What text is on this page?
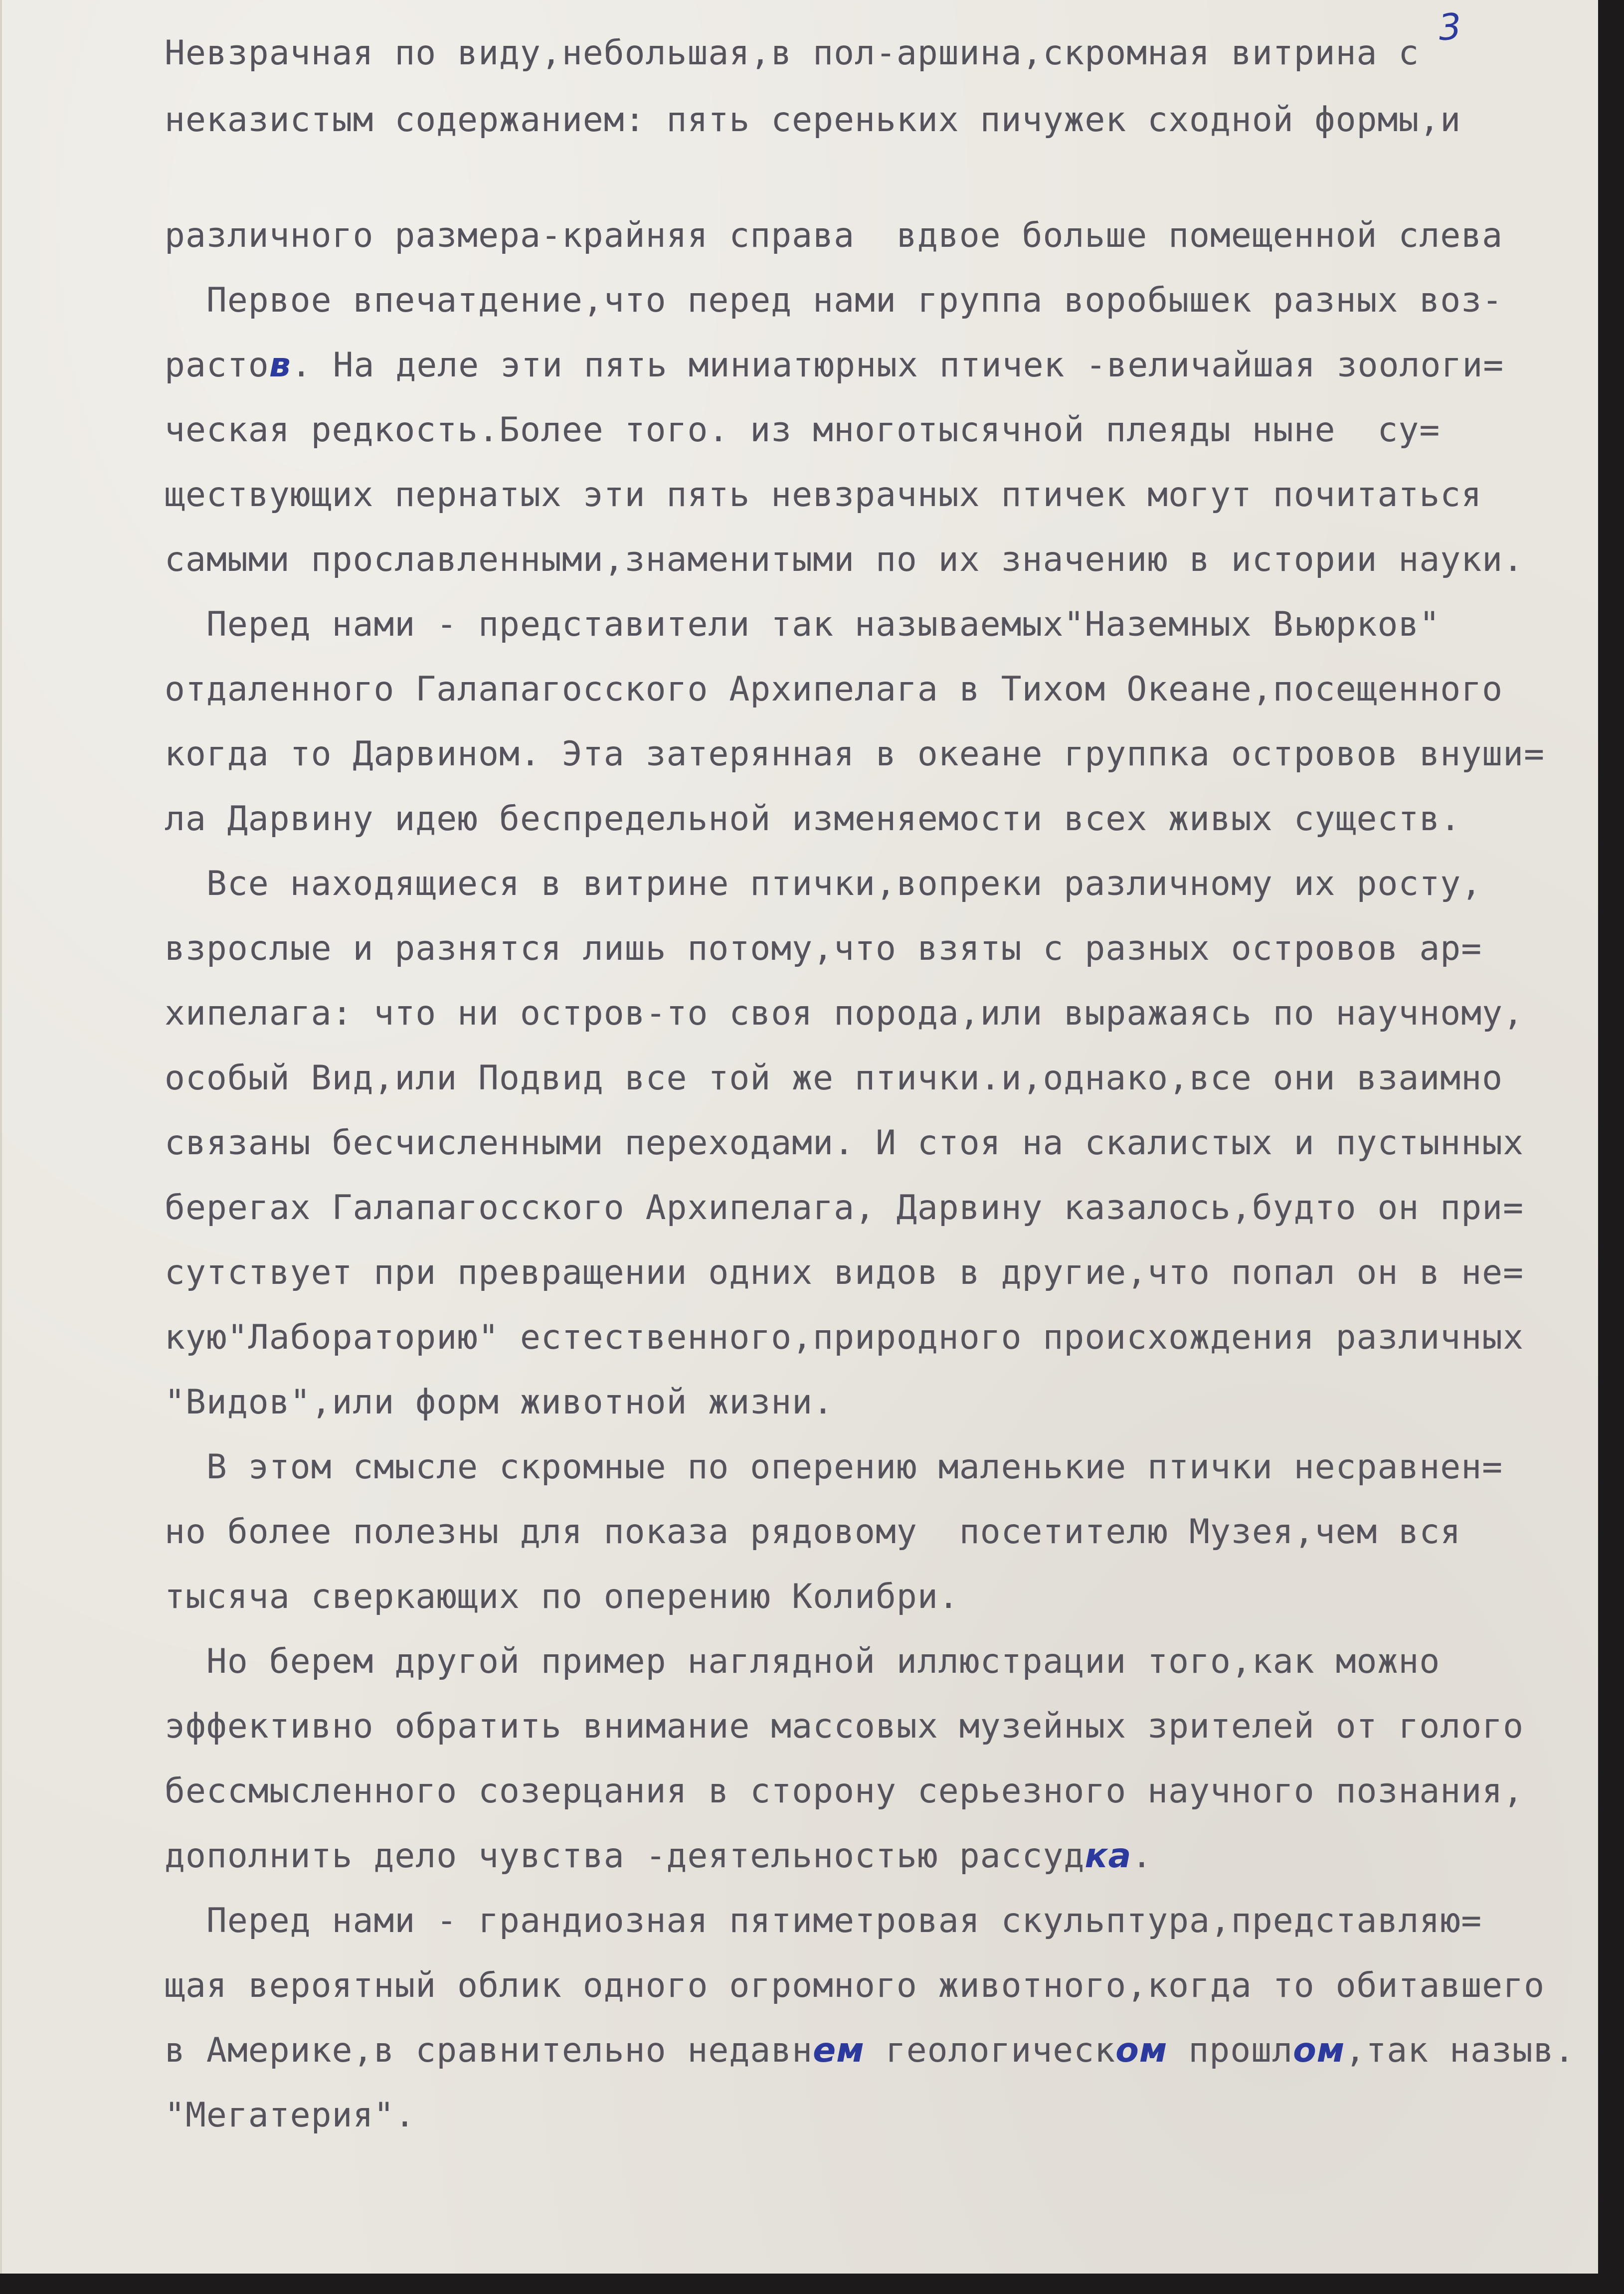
3
Невзрачная по виду,небольшая,в пол-аршина,скромная витрина с
неказистым содержанием: пять сереньких пичужек сходной формы,и
различного размера-крайняя справа  вдвое больше помещенной слева
Первое впечатдение,что перед нами группа воробышек разных воз-
растов. На деле эти пять миниатюрных птичек -величайшая зоологи=
ческая редкость.Более того. из многотысячной плеяды ныне  су=
ществующих пернатых эти пять невзрачных птичек могут почитаться
самыми прославленными,знаменитыми по их значению в истории науки.
Перед нами - представители так называемых"Наземных Вьюрков"
отдаленного Галапагосского Архипелага в Тихом Океане,посещенного
когда то Дарвином. Эта затерянная в океане группка островов внуши=
ла Дарвину идею беспредельной изменяемости всех живых существ.
Все находящиеся в витрине птички,вопреки различному их росту,
взрослые и разнятся лишь потому,что взяты с разных островов ар=
хипелага: что ни остров-то своя порода,или выражаясь по научному,
особый Вид,или Подвид все той же птички.и,однако,все они взаимно
связаны бесчисленными переходами. И стоя на скалистых и пустынных
берегах Галапагосского Архипелага, Дарвину казалось,будто он при=
сутствует при превращении одних видов в другие,что попал он в не=
кую"Лабораторию" естественного,природного происхождения различных
"Видов",или форм животной жизни.
В этом смысле скромные по оперению маленькие птички несравнен=
но более полезны для показа рядовому  посетителю Музея,чем вся
тысяча сверкающих по оперению Колибри.
Но берем другой пример наглядной иллюстрации того,как можно
эффективно обратить внимание массовых музейных зрителей от голого
бессмысленного созерцания в сторону серьезного научного познания,
дополнить дело чувства -деятельностью рассудка.
Перед нами - грандиозная пятиметровая скульптура,представляю=
щая вероятный облик одного огромного животного,когда то обитавшего
в Америке,в сравнительно недавнем геологическом прошлом,так назыв.
"Мегатерия".
